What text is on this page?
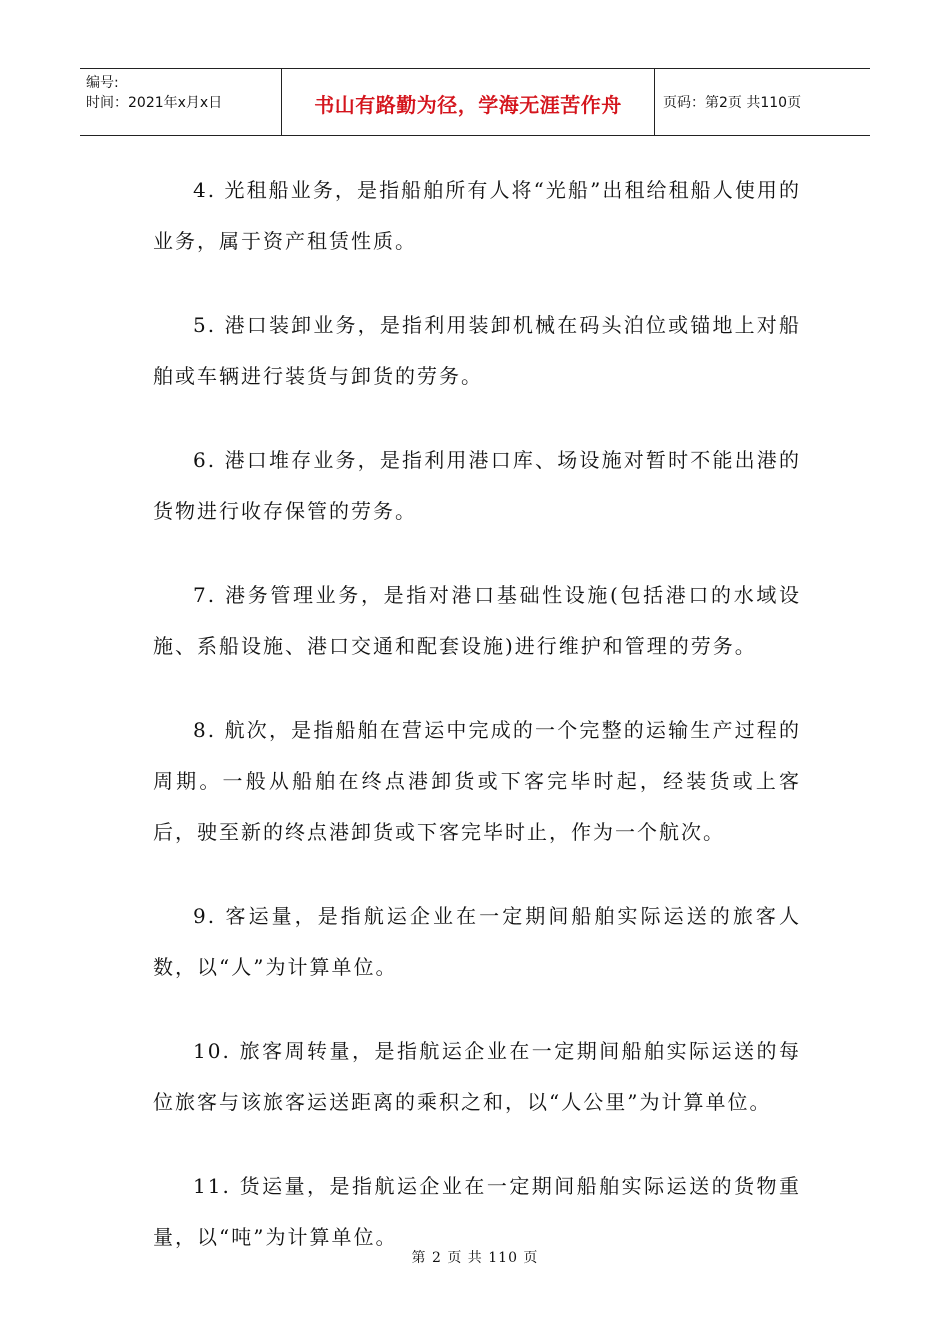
编号:
时间：2021年x月x日	书山有路勤为径，学海无涯苦作舟	页码：第2页 共110页

4. 光租船业务，是指船舶所有人将“光船”出租给租船人使用的业务，属于资产租赁性质。

5. 港口装卸业务，是指利用装卸机械在码头泊位或锚地上对船舶或车辆进行装货与卸货的劳务。

6. 港口堆存业务，是指利用港口库、场设施对暂时不能出港的货物进行收存保管的劳务。

7. 港务管理业务，是指对港口基础性设施(包括港口的水域设施、系船设施、港口交通和配套设施)进行维护和管理的劳务。

8. 航次，是指船舶在营运中完成的一个完整的运输生产过程的周期。一般从船舶在终点港卸货或下客完毕时起，经装货或上客后，驶至新的终点港卸货或下客完毕时止，作为一个航次。

9. 客运量，是指航运企业在一定期间船舶实际运送的旅客人数，以“人”为计算单位。

10. 旅客周转量，是指航运企业在一定期间船舶实际运送的每位旅客与该旅客运送距离的乘积之和，以“人公里”为计算单位。

11. 货运量，是指航运企业在一定期间船舶实际运送的货物重量，以“吨”为计算单位。

第 2 页 共 110 页
